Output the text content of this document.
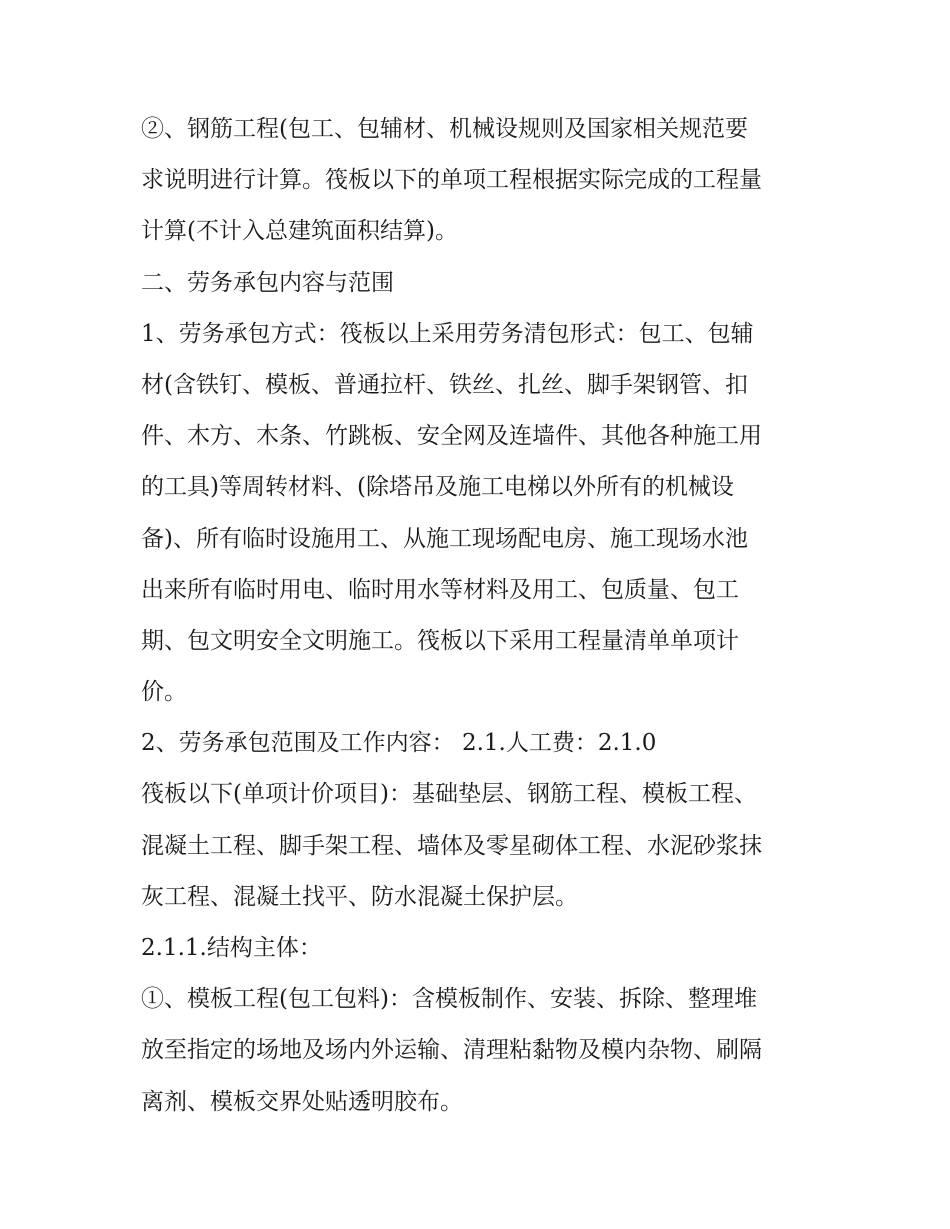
②、钢筋工程(包工、包辅材、机械设规则及国家相关规范要
求说明进行计算。筏板以下的单项工程根据实际完成的工程量
计算(不计入总建筑面积结算)。
二、劳务承包内容与范围
1、劳务承包方式：筏板以上采用劳务清包形式：包工、包辅
材(含铁钉、模板、普通拉杆、铁丝、扎丝、脚手架钢管、扣
件、木方、木条、竹跳板、安全网及连墙件、其他各种施工用
的工具)等周转材料、(除塔吊及施工电梯以外所有的机械设
备)、所有临时设施用工、从施工现场配电房、施工现场水池
出来所有临时用电、临时用水等材料及用工、包质量、包工
期、包文明安全文明施工。筏板以下采用工程量清单单项计
价。
2、劳务承包范围及工作内容： 2.1.人工费：2.1.0
筏板以下(单项计价项目)：基础垫层、钢筋工程、模板工程、
混凝土工程、脚手架工程、墙体及零星砌体工程、水泥砂浆抹
灰工程、混凝土找平、防水混凝土保护层。
2.1.1.结构主体：
①、模板工程(包工包料)：含模板制作、安装、拆除、整理堆
放至指定的场地及场内外运输、清理粘黏物及模内杂物、刷隔
离剂、模板交界处贴透明胶布。
